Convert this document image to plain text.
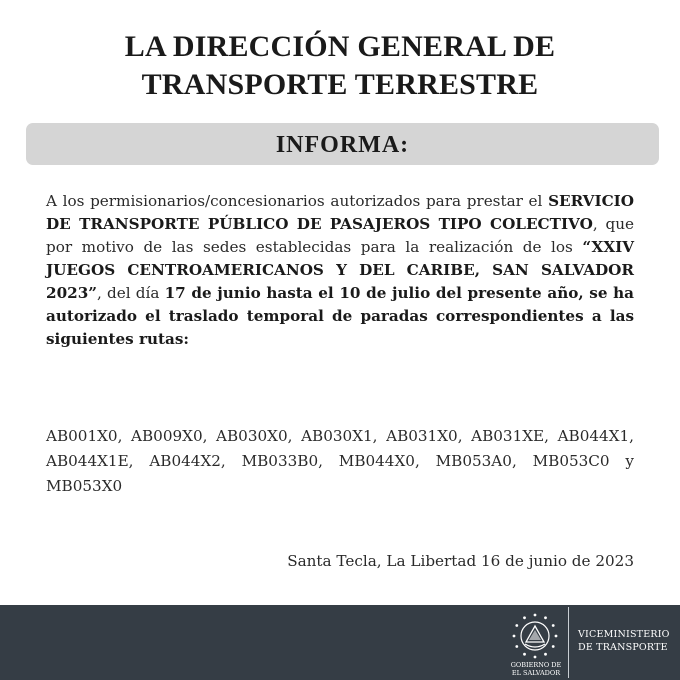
LA DIRECCIÓN GENERAL DE
TRANSPORTE TERRESTRE
INFORMA:
A los permisionarios/concesionarios autorizados para prestar el SERVICIO DE TRANSPORTE PÚBLICO DE PASAJEROS TIPO COLECTIVO, que por motivo de las sedes establecidas para la realización de los “XXIV JUEGOS CENTROAMERICANOS Y DEL CARIBE, SAN SALVADOR 2023”, del día 17 de junio hasta el 10 de julio del presente año, se ha autorizado el traslado temporal de paradas correspondientes a las siguientes rutas:
AB001X0, AB009X0, AB030X0, AB030X1, AB031X0, AB031XE, AB044X1, AB044X1E, AB044X2, MB033B0, MB044X0, MB053A0, MB053C0 y MB053X0
Santa Tecla, La Libertad 16 de junio de 2023
GOBIERNO DE
EL SALVADOR
VICEMINISTERIO
DE TRANSPORTE
